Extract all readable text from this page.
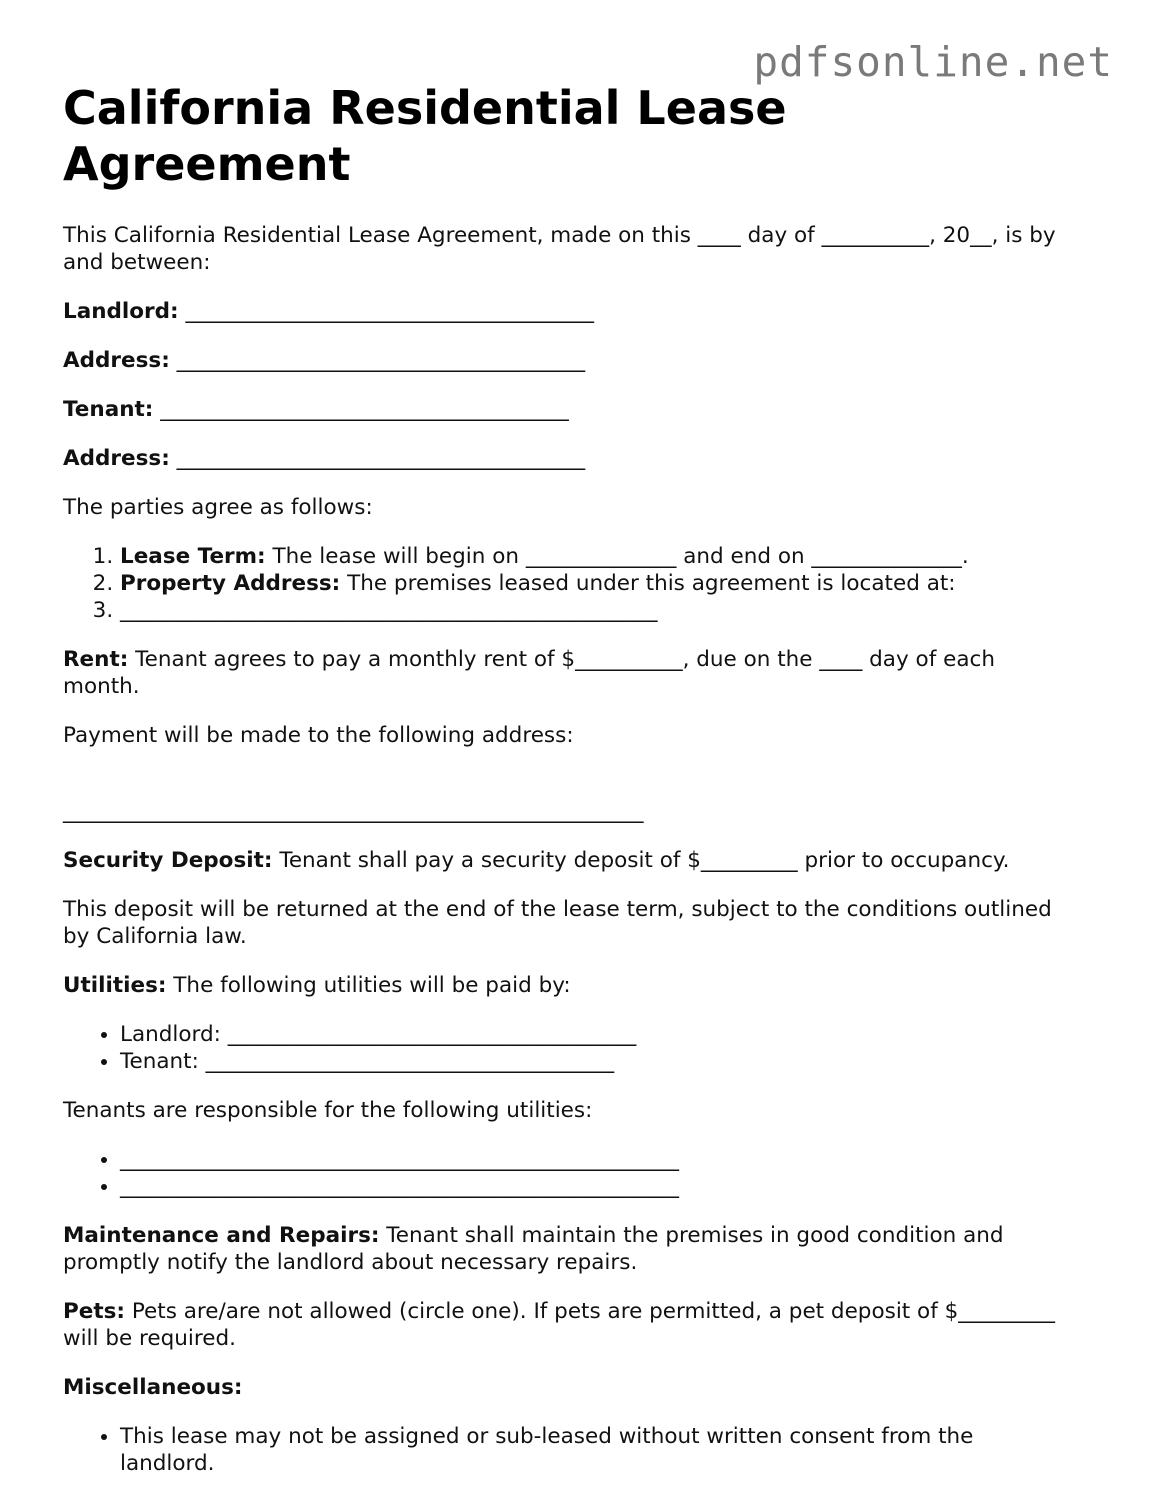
pdfsonline.net
California Residential Lease Agreement

This California Residential Lease Agreement, made on this ____ day of __________, 20__, is by and between:

Landlord: ______________________________________

Address: ______________________________________

Tenant: ______________________________________

Address: ______________________________________

The parties agree as follows:

1. Lease Term: The lease will begin on ______________ and end on ______________.
2. Property Address: The premises leased under this agreement is located at:
3. __________________________________________________

Rent: Tenant agrees to pay a monthly rent of $__________, due on the ____ day of each month.

Payment will be made to the following address:

______________________________________________________

Security Deposit: Tenant shall pay a security deposit of $_________ prior to occupancy.

This deposit will be returned at the end of the lease term, subject to the conditions outlined by California law.

Utilities: The following utilities will be paid by:

• Landlord: ______________________________________
• Tenant: ______________________________________

Tenants are responsible for the following utilities:

• ____________________________________________________
• ____________________________________________________

Maintenance and Repairs: Tenant shall maintain the premises in good condition and promptly notify the landlord about necessary repairs.

Pets: Pets are/are not allowed (circle one). If pets are permitted, a pet deposit of $_________ will be required.

Miscellaneous:

• This lease may not be assigned or sub-leased without written consent from the landlord.
